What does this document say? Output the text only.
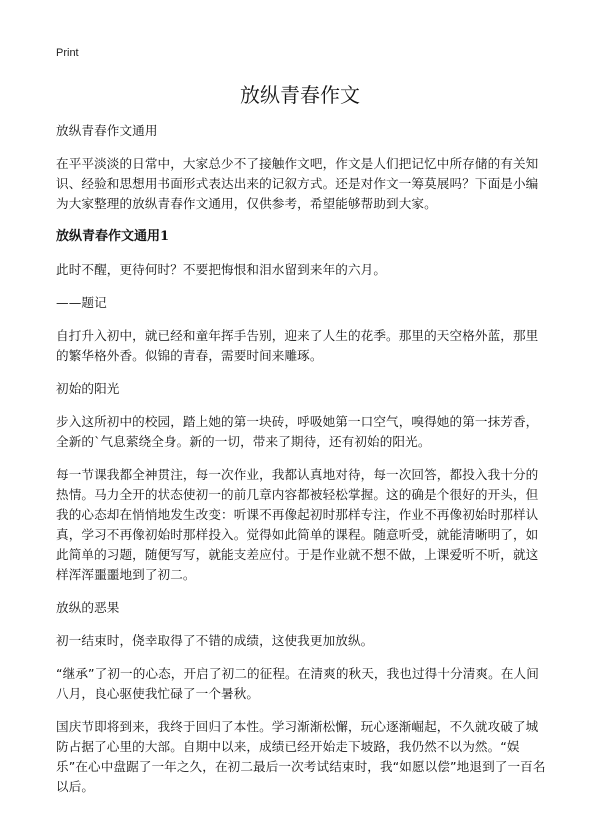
Print
放纵青春作文

放纵青春作文通用

在平平淡淡的日常中，大家总少不了接触作文吧，作文是人们把记忆中所存储的有关知识、经验和思想用书面形式表达出来的记叙方式。还是对作文一筹莫展吗？下面是小编为大家整理的放纵青春作文通用，仅供参考，希望能够帮助到大家。

放纵青春作文通用1

此时不醒，更待何时？不要把悔恨和泪水留到来年的六月。

——题记

自打升入初中，就已经和童年挥手告别，迎来了人生的花季。那里的天空格外蓝，那里的繁华格外香。似锦的青春，需要时间来雕琢。

初始的阳光

步入这所初中的校园，踏上她的第一块砖，呼吸她第一口空气，嗅得她的第一抹芳香，全新的`气息萦绕全身。新的一切，带来了期待，还有初始的阳光。

每一节课我都全神贯注，每一次作业，我都认真地对待，每一次回答，都投入我十分的热情。马力全开的状态使初一的前几章内容都被轻松掌握。这的确是个很好的开头，但我的心态却在悄悄地发生改变：听课不再像起初时那样专注，作业不再像初始时那样认真，学习不再像初始时那样投入。觉得如此简单的课程。随意听受，就能清晰明了，如此简单的习题，随便写写，就能支差应付。于是作业就不想不做，上课爱听不听，就这样浑浑噩噩地到了初二。

放纵的恶果

初一结束时，侥幸取得了不错的成绩，这使我更加放纵。

“继承”了初一的心态，开启了初二的征程。在清爽的秋天，我也过得十分清爽。在人间八月，良心驱使我忙碌了一个暑秋。

国庆节即将到来，我终于回归了本性。学习渐渐松懈，玩心逐渐崛起，不久就攻破了城防占据了心里的大部。自期中以来，成绩已经开始走下坡路，我仍然不以为然。“娱乐”在心中盘踞了一年之久，在初二最后一次考试结束时，我“如愿以偿”地退到了一百名以后。
